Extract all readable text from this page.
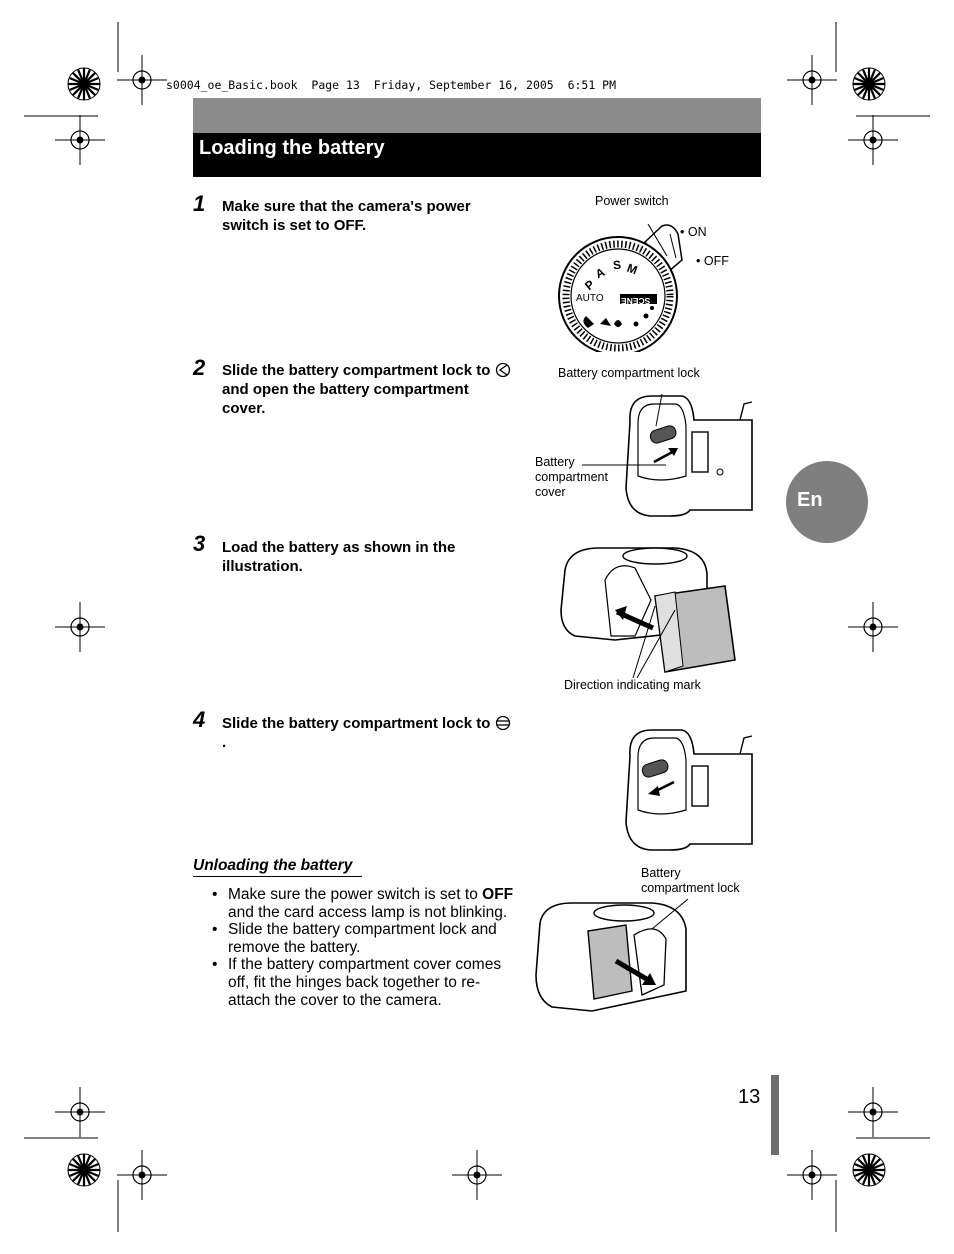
s0004_oe_Basic.book  Page 13  Friday, September 16, 2005  6:51 PM
Loading the battery
1 Make sure that the camera's power switch is set to OFF.
Power switch
• ON
• OFF
AUTO SCENE
P
A S M
2 Slide the battery compartment lock to  and open the battery compartment cover.
Battery compartment lock
Battery
compartment
cover
3 Load the battery as shown in the illustration.
Direction indicating mark
4 Slide the battery compartment lock to  .
Unloading the battery
• Make sure the power switch is set to OFF and the card access lamp is not blinking.
• Slide the battery compartment lock and remove the battery.
• If the battery compartment cover comes off, fit the hinges back together to re-attach the cover to the camera.
Battery
compartment lock
En
13
